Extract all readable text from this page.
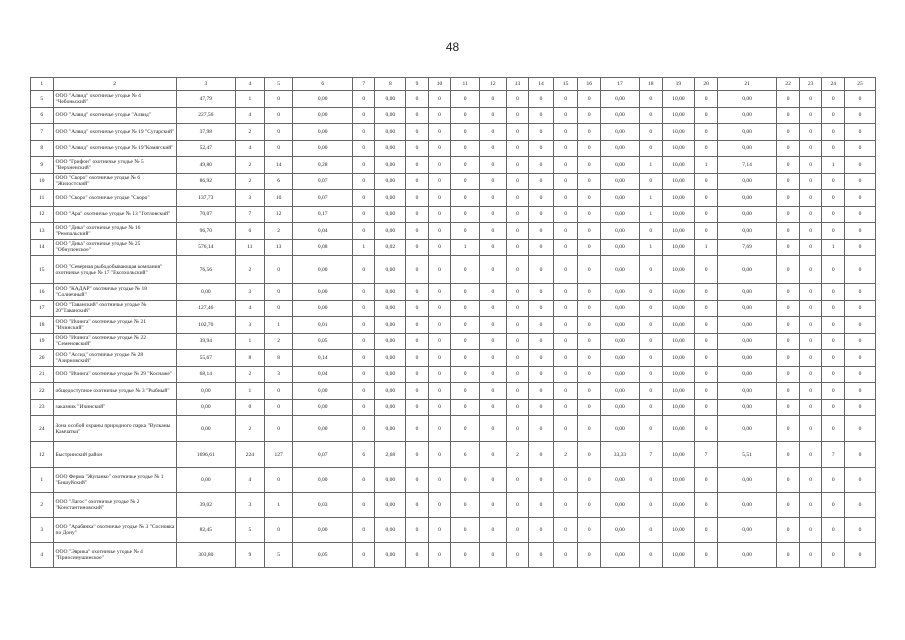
48
1	2	3	4	5	6	7	8	9	10	11	12	13	14	15	16	17	18	19	20	21	22	23	24	25
5	ООО "Алвид" охотничье угодье № 4 "Чебоньский"	47,79	1	0	0,00	0	0,00	0	0	0	0	0	0	0	0	0,00	0	10,00	0	0,00	0	0	0	0
6	ООО "Алвид" охотничье угодье "Алвид"	227,56	4	0	0,00	0	0,00	0	0	0	0	0	0	0	0	0,00	0	10,00	0	0,00	0	0	0	0
7	ООО "Алвид" охотничье угодье № 19 "Сугарский"	37,98	2	0	0,00	0	0,00	0	0	0	0	0	0	0	0	0,00	0	10,00	0	0,00	0	0	0	0
8	ООО "Алвид" охотничье угодье № 19"Комягский"	52,47	4	0	0,00	0	0,00	0	0	0	0	0	0	0	0	0,00	0	10,00	0	0,00	0	0	0	0
9	ООО "Грифон" охотничье угодье № 5 "Верхненский"	49,80	2	14	0,28	0	0,00	0	0	0	0	0	0	0	0	0,00	1	10,00	1	7,14	0	0	1	0
10	ООО "Скоро" охотничье угодье № 6 "Жилостский"	86,92	2	6	0,07	0	0,00	0	0	0	0	0	0	0	0	0,00	0	10,00	0	0,00	0	0	0	0
11	ООО "Скоро" охотничье угодье "Скоро"	137,73	3	10	0,07	0	0,00	0	0	0	0	0	0	0	0	0,00	1	10,00	0	0,00	0	0	0	0
12	ООО "Ара" охотничье угодье № 13 "Готловский"	70,07	7	12	0,17	0	0,00	0	0	0	0	0	0	0	0	0,00	1	10,00	0	0,00	0	0	0	0
13	ООО "Дика" охотничье угодье № 16 "Ремпальский"	96,70	6	2	0,04	0	0,00	0	0	0	0	0	0	0	0	0,00	0	10,00	0	0,00	0	0	0	0
14	ООО "Дика" охотничье угодье № 25 "Обнупенское"	576,14	11	13	0,08	1	0,02	0	0	1	0	0	0	0	0	0,00	1	10,00	1	7,69	0	0	1	0
15	ООО "Северная рыбодобывающая компания" охотничье угодье № 17 "Ексохольский"	76,56	2	0	0,00	0	0,00	0	0	0	0	0	0	0	0	0,00	0	10,00	0	0,00	0	0	0	0
16	ООО "КАДАР" охотничье угодье № 18 "Солнечный"	0,00	3	0	0,00	0	0,00	0	0	0	0	0	0	0	0	0,00	0	10,00	0	0,00	0	0	0	0
17	ООО "Таванский" охотничье угодье № 20"Таванский"	127,46	4	0	0,00	0	0,00	0	0	0	0	0	0	0	0	0,00	0	10,00	0	0,00	0	0	0	0
18	ООО "Ичинга" охотничье угодье № 21 "Ичинский"	102,70	3	1	0,01	0	0,00	0	0	0	0	0	0	0	0	0,00	0	10,00	0	0,00	0	0	0	0
19	ООО "Ичинга" охотничье угодье № 22 "Семеновский"	39,94	1	2	0,05	0	0,00	0	0	0	0	0	0	0	0	0,00	0	10,00	0	0,00	0	0	0	0
20	ООО "Ассид" охотничье угодье № 28 "Азирновский"	55,67	8	8	0,14	0	0,00	0	0	0	0	0	0	0	0	0,00	0	10,00	0	0,00	0	0	0	0
21	ООО "Ичинга" охотничье угодье № 29 "Коснаже"	68,14	2	3	0,04	0	0,00	0	0	0	0	0	0	0	0	0,00	0	10,00	0	0,00	0	0	0	0
22	общедоступное охотничье угодье № 3 "Рыбный"	0,00	1	0	0,00	0	0,00	0	0	0	0	0	0	0	0	0,00	0	10,00	0	0,00	0	0	0	0
23	заказник "Ичинский"	0,00	0	0	0,00	0	0,00	0	0	0	0	0	0	0	0	0,00	0	10,00	0	0,00	0	0	0	0
24	Зона особой охраны природного парка "Вулканы Камчатки"	0,00	2	0	0,00	0	0,00	0	0	0	0	0	0	0	0	0,00	0	10,00	0	0,00	0	0	0	0
12	Быстринский район	1696,61	224	127	0,07	6	2,68	0	0	6	0	2	0	2	0	33,33	7	10,00	7	5,51	0	0	7	0
1	ООО Ферма "Жупанко" охотничье угодье № 1 "Бишуйский"	0,00	4	0	0,00	0	0,00	0	0	0	0	0	0	0	0	0,00	0	10,00	0	0,00	0	0	0	0
2	ООО "Лагос" охотничье угодье № 2 "Константиновский"	39,02	3	1	0,03	0	0,00	0	0	0	0	0	0	0	0	0,00	0	10,00	0	0,00	0	0	0	0
3	ООО "Арабянка" охотничье угодье № 3 "Сосновка по Дону"	82,45	5	0	0,00	0	0,00	0	0	0	0	0	0	0	0	0,00	0	10,00	0	0,00	0	0	0	0
4	ООО "Эврика" охотничье угодье № 4 "Приосинушинское"	303,80	9	5	0,05	0	0,00	0	0	0	0	0	0	0	0	0,00	0	10,00	0	0,00	0	0	0	0
